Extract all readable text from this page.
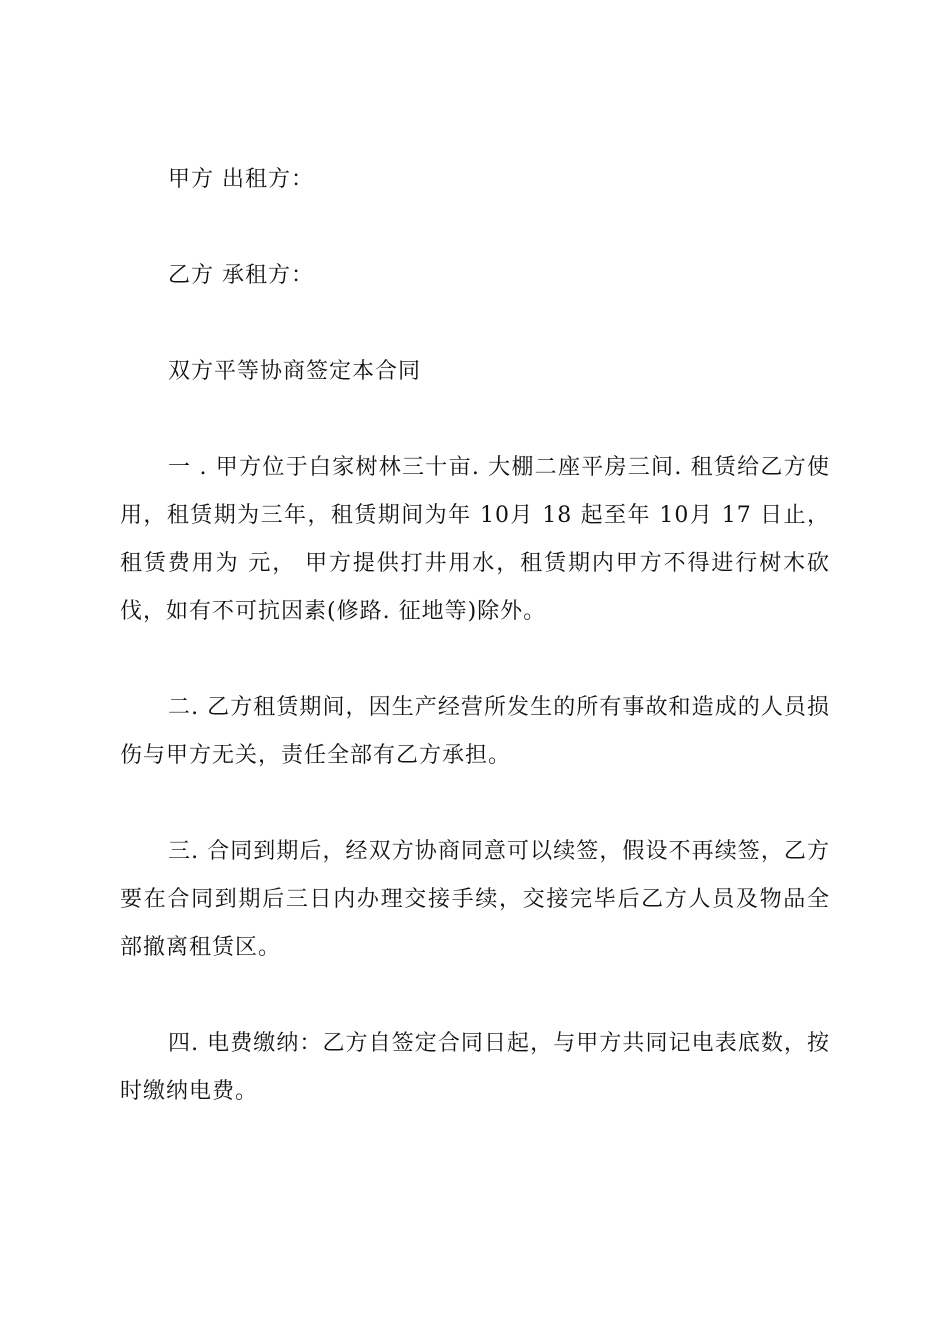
甲方 出租方：

乙方 承租方：

双方平等协商签定本合同

一 . 甲方位于白家树林三十亩. 大棚二座平房三间. 租赁给乙方使用，租赁期为三年，租赁期间为年 10月 18 起至年 10月 17 日止，租赁费用为 元， 甲方提供打井用水，租赁期内甲方不得进行树木砍伐，如有不可抗因素(修路. 征地等)除外。

二. 乙方租赁期间，因生产经营所发生的所有事故和造成的人员损伤与甲方无关，责任全部有乙方承担。

三. 合同到期后，经双方协商同意可以续签，假设不再续签，乙方要在合同到期后三日内办理交接手续，交接完毕后乙方人员及物品全部撤离租赁区。

四. 电费缴纳：乙方自签定合同日起，与甲方共同记电表底数，按时缴纳电费。
